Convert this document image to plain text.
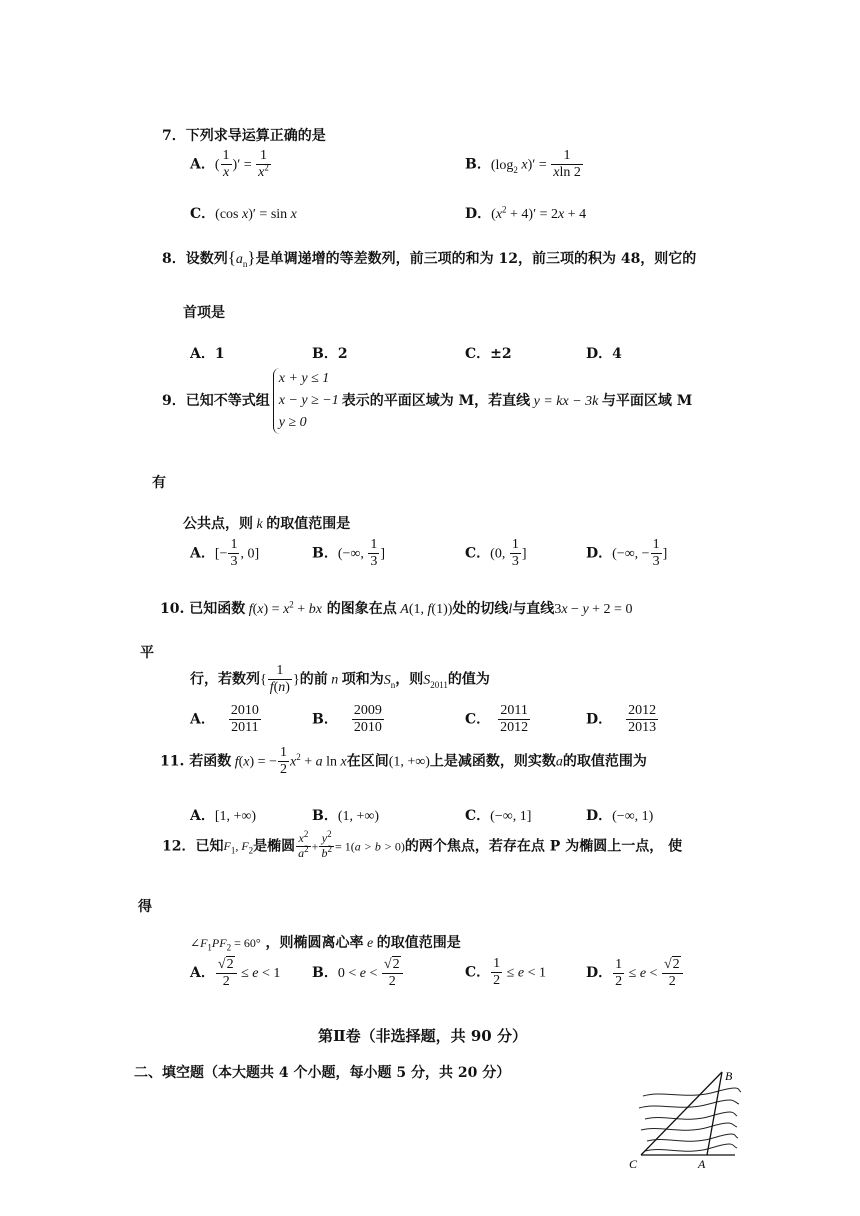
7．下列求导运算正确的是
A．( $\frac{1}{x}$ )′ = $\frac{1}{x^2}$	B．($\log_2$ $x)' = \frac{1}{xln 2}$
C．(cos x)′ = sin x	D．$(x^2 + 4)' = 2x + 4$
8．设数列$\{a_n\}$是单调递增的等差数列，前三项的和为 12，前三项的积为 48，则它的
首项是
A．1	B．2	C．±2	D．4
9．已知不等式组
x + y ≤ 1
x − y ≥ −1
y ≥ 0
表示的平面区域为 M，若直线 y = kx − 3k 与平面区域 M
有
公共点，则 k 的取值范围是
A．[− $\frac{1}{3}$ , 0]	B．(−∞, $\frac{1}{3}$ ]	C．(0, $\frac{1}{3}$ ]	D．(−∞, − $\frac{1}{3}$ ]
10. 已知函数 $f(x) = x^2$ + bx 的图象在点 A(1, f(1))处的切线l与直线3x − y + 2 = 0
平
行，若数列{ $\frac{1}{f(n)}$ }的前 n 项和为$S_n$，则$S_{2011}$的值为
A． $\frac{2010}{2011}$	B． $\frac{2009}{2010}$	C． $\frac{2011}{2012}$	D． $\frac{2012}{2013}$
11. 若函数 f(x) = − $\frac{1}{2} x^2 + a$ ln x在区间(1, +∞)上是减函数，则实数a的取值范围为
A．[1, +∞)	B．(1, +∞)	C．(−∞, 1]	D．(−∞, 1)
12．已知$F_1$, $F_2$是椭圆 $\frac{x^2}{a^2} + \frac{y^2}{b^2} = 1(a > b > 0)$的两个焦点，若存在点 P 为椭圆上一点， 使
得
$\angle F_1PF_2 = 60^\circ$ ，则椭圆离心率 e 的取值范围是
A． $\frac{√2}{2} \le e < 1$ B．$0 < e < \frac{√2}{2}$	C． $\frac{1}{2} \le e < 1$	D． $\frac{1}{2} \le e < \frac{√2}{2}$
第Ⅱ卷（非选择题，共 90 分）
二、填空题（本大题共 4 个小题，每小题 5 分，共 20 分）	B
C	A
